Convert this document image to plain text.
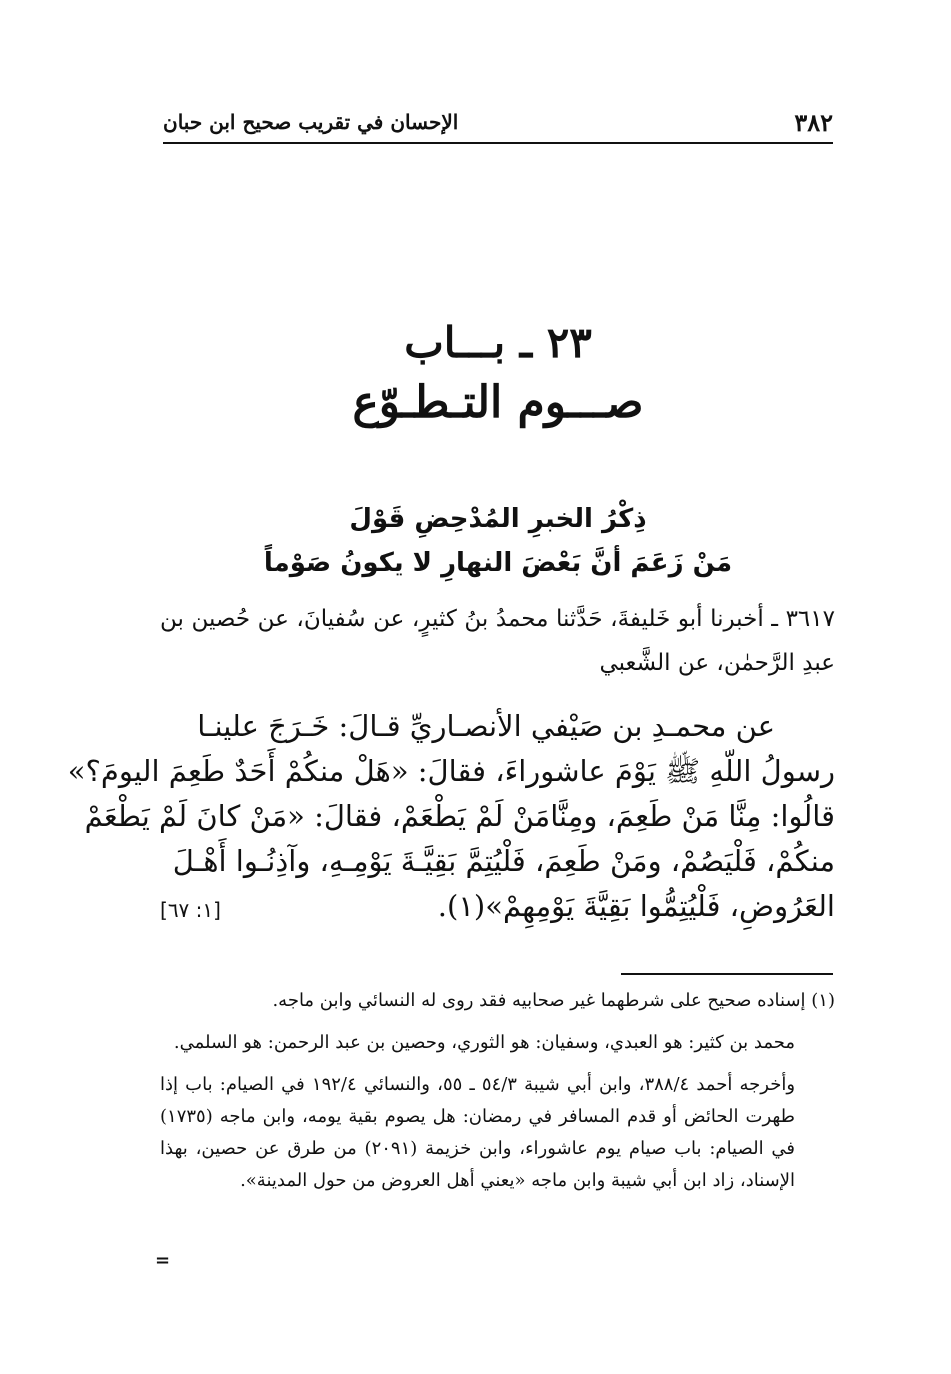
٣٨٢
الإحسان في تقريب صحيح ابن حبان
٢٣ ـ بـــاب
صـــوم التـطـوّع
ذِكْرُ الخبرِ المُدْحِضِ قَوْلَ
مَنْ زَعَمَ أنَّ بَعْضَ النهارِ لا يكونُ صَوْماً
٣٦١٧ ـ أخبرنا أبو خَليفةَ، حَدَّثنا محمدُ بنُ كثيرٍ، عن سُفيانَ، عن حُصين بن عبدِ الرَّحمٰن، عن الشَّعبي
عن محمـدِ بن صَيْفي الأنصـاريِّ قـالَ: خَـرَجَ علينـا
رسولُ اللّهِ ﷺ يَوْمَ عاشوراءَ، فقالَ: «هَلْ منكُمْ أَحَدٌ طَعِمَ اليومَ؟»
قالُوا: مِنَّا مَنْ طَعِمَ، ومِنَّامَنْ لَمْ يَطْعَمْ، فقالَ: «مَنْ كانَ لَمْ يَطْعَمْ
منكُمْ، فَلْيَصُمْ، ومَنْ طَعِمَ، فَلْيُتِمَّ بَقِيَّـةَ يَوْمِـهِ، وآذِنُـوا أَهْـلَ
العَرُوضِ، فَلْيُتِمُّوا بَقِيَّةَ يَوْمِهِمْ»(١).
[١: ٦٧]

(١) إسناده صحيح على شرطهما غير صحابيه فقد روى له النسائي وابن ماجه.

محمد بن كثير: هو العبدي، وسفيان: هو الثوري، وحصين بن عبد الرحمن: هو السلمي.

وأخرجه أحمد ٣٨٨/٤، وابن أبي شيبة ٥٤/٣ ـ ٥٥، والنسائي ١٩٢/٤ في الصيام: باب إذا طهرت الحائض أو قدم المسافر في رمضان: هل يصوم بقية يومه، وابن ماجه (١٧٣٥) في الصيام: باب صيام يوم عاشوراء، وابن خزيمة (٢٠٩١) من طرق عن حصين، بهذا الإسناد، زاد ابن أبي شيبة وابن ماجه «يعني أهل العروض من حول المدينة».

=
